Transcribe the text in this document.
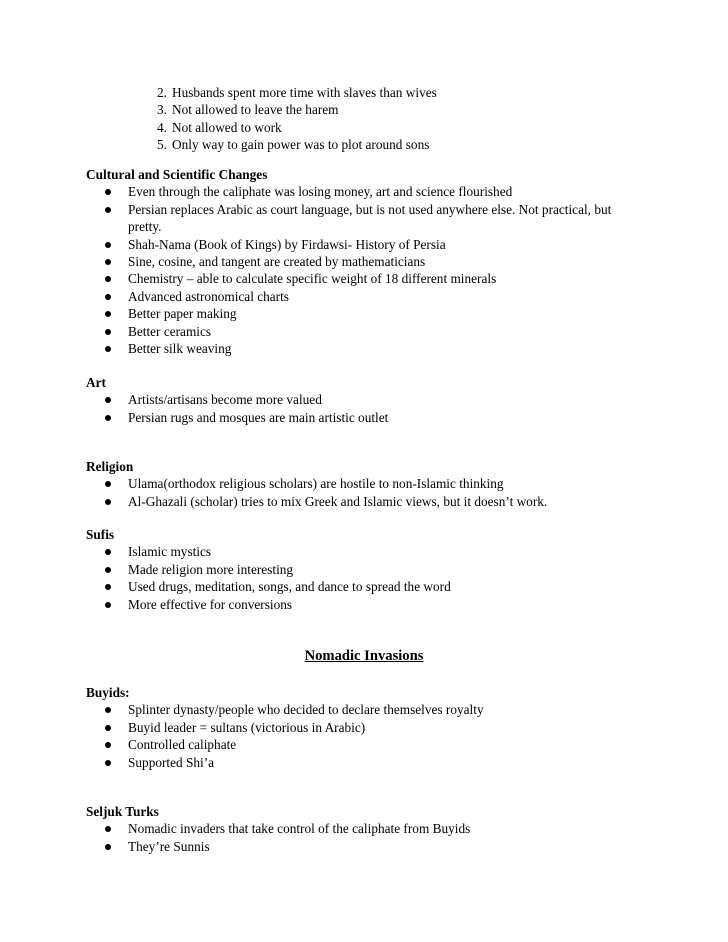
2. Husbands spent more time with slaves than wives
3. Not allowed to leave the harem
4. Not allowed to work
5. Only way to gain power was to plot around sons

Cultural and Scientific Changes

Even through the caliphate was losing money, art and science flourished
Persian replaces Arabic as court language, but is not used anywhere else. Not practical, but pretty.
Shah-Nama (Book of Kings) by Firdawsi- History of Persia
Sine, cosine, and tangent are created by mathematicians
Chemistry – able to calculate specific weight of 18 different minerals
Advanced astronomical charts
Better paper making
Better ceramics
Better silk weaving

Art

Artists/artisans become more valued
Persian rugs and mosques are main artistic outlet

Religion

Ulama(orthodox religious scholars) are hostile to non-Islamic thinking
Al-Ghazali (scholar) tries to mix Greek and Islamic views, but it doesn’t work.

Sufis

Islamic mystics
Made religion more interesting
Used drugs, meditation, songs, and dance to spread the word
More effective for conversions
Nomadic Invasions

Buyids:

Splinter dynasty/people who decided to declare themselves royalty
Buyid leader = sultans (victorious in Arabic)
Controlled caliphate
Supported Shi’a

Seljuk Turks

Nomadic invaders that take control of the caliphate from Buyids
They’re Sunnis
